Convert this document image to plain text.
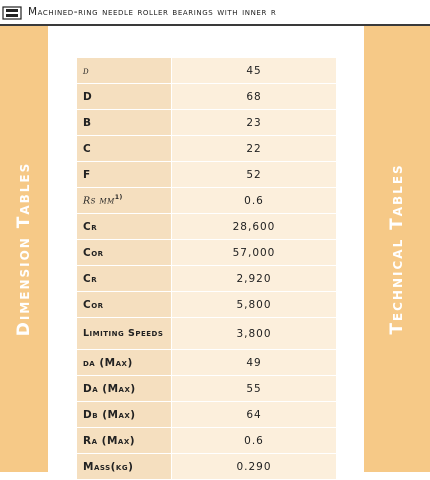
Machined-ring needle roller bearings with inner r
Dimension Tables	Technical Tables
d	45
D	68
B	23
C	22
F	52
Rs $mm^{1)}$	0.6
Cr	28,600
Cor	57,000
Cr	2,920
Cor	5,800
Limiting Speeds	3,800
da (Max)	49
Da (Max)	55
Db (Max)	64
Ra (Max)	0.6
Mass(kg)	0.290
